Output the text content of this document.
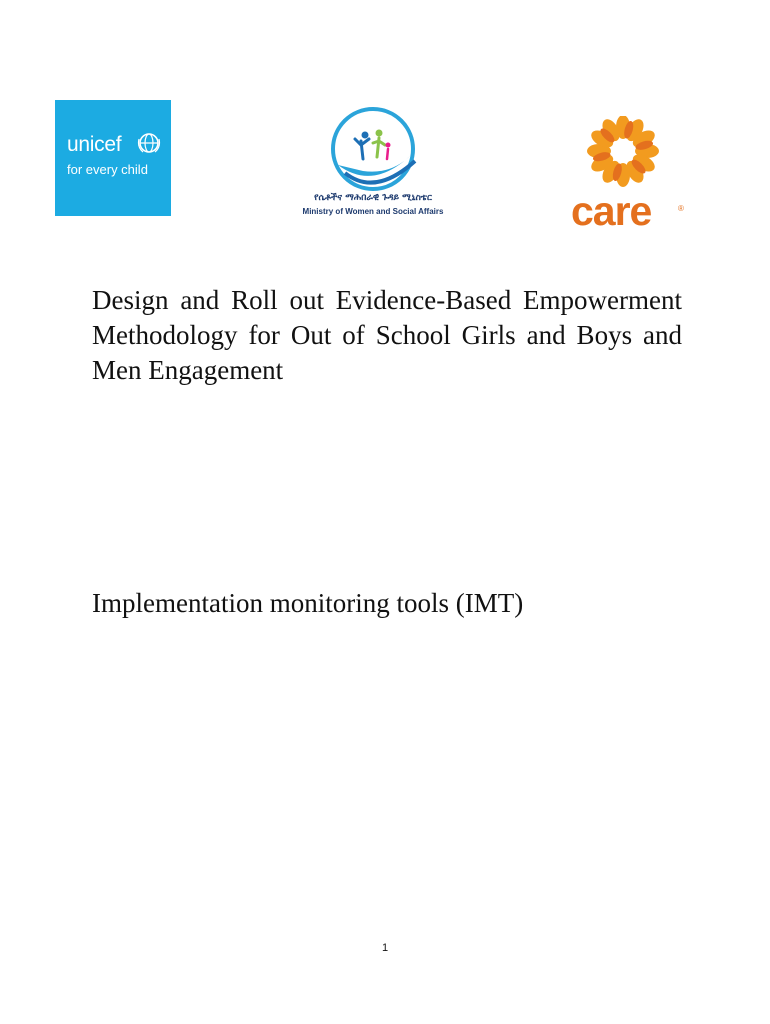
unicef
for every child
የሴቶችና ማሕበራዊ ጉዳይ ሚኒስቴር
Ministry of Women and Social Affairs	care	®
Design and Roll out Evidence-Based Empowerment Methodology for Out of School Girls and Boys and Men Engagement
Implementation monitoring tools (IMT)
1
